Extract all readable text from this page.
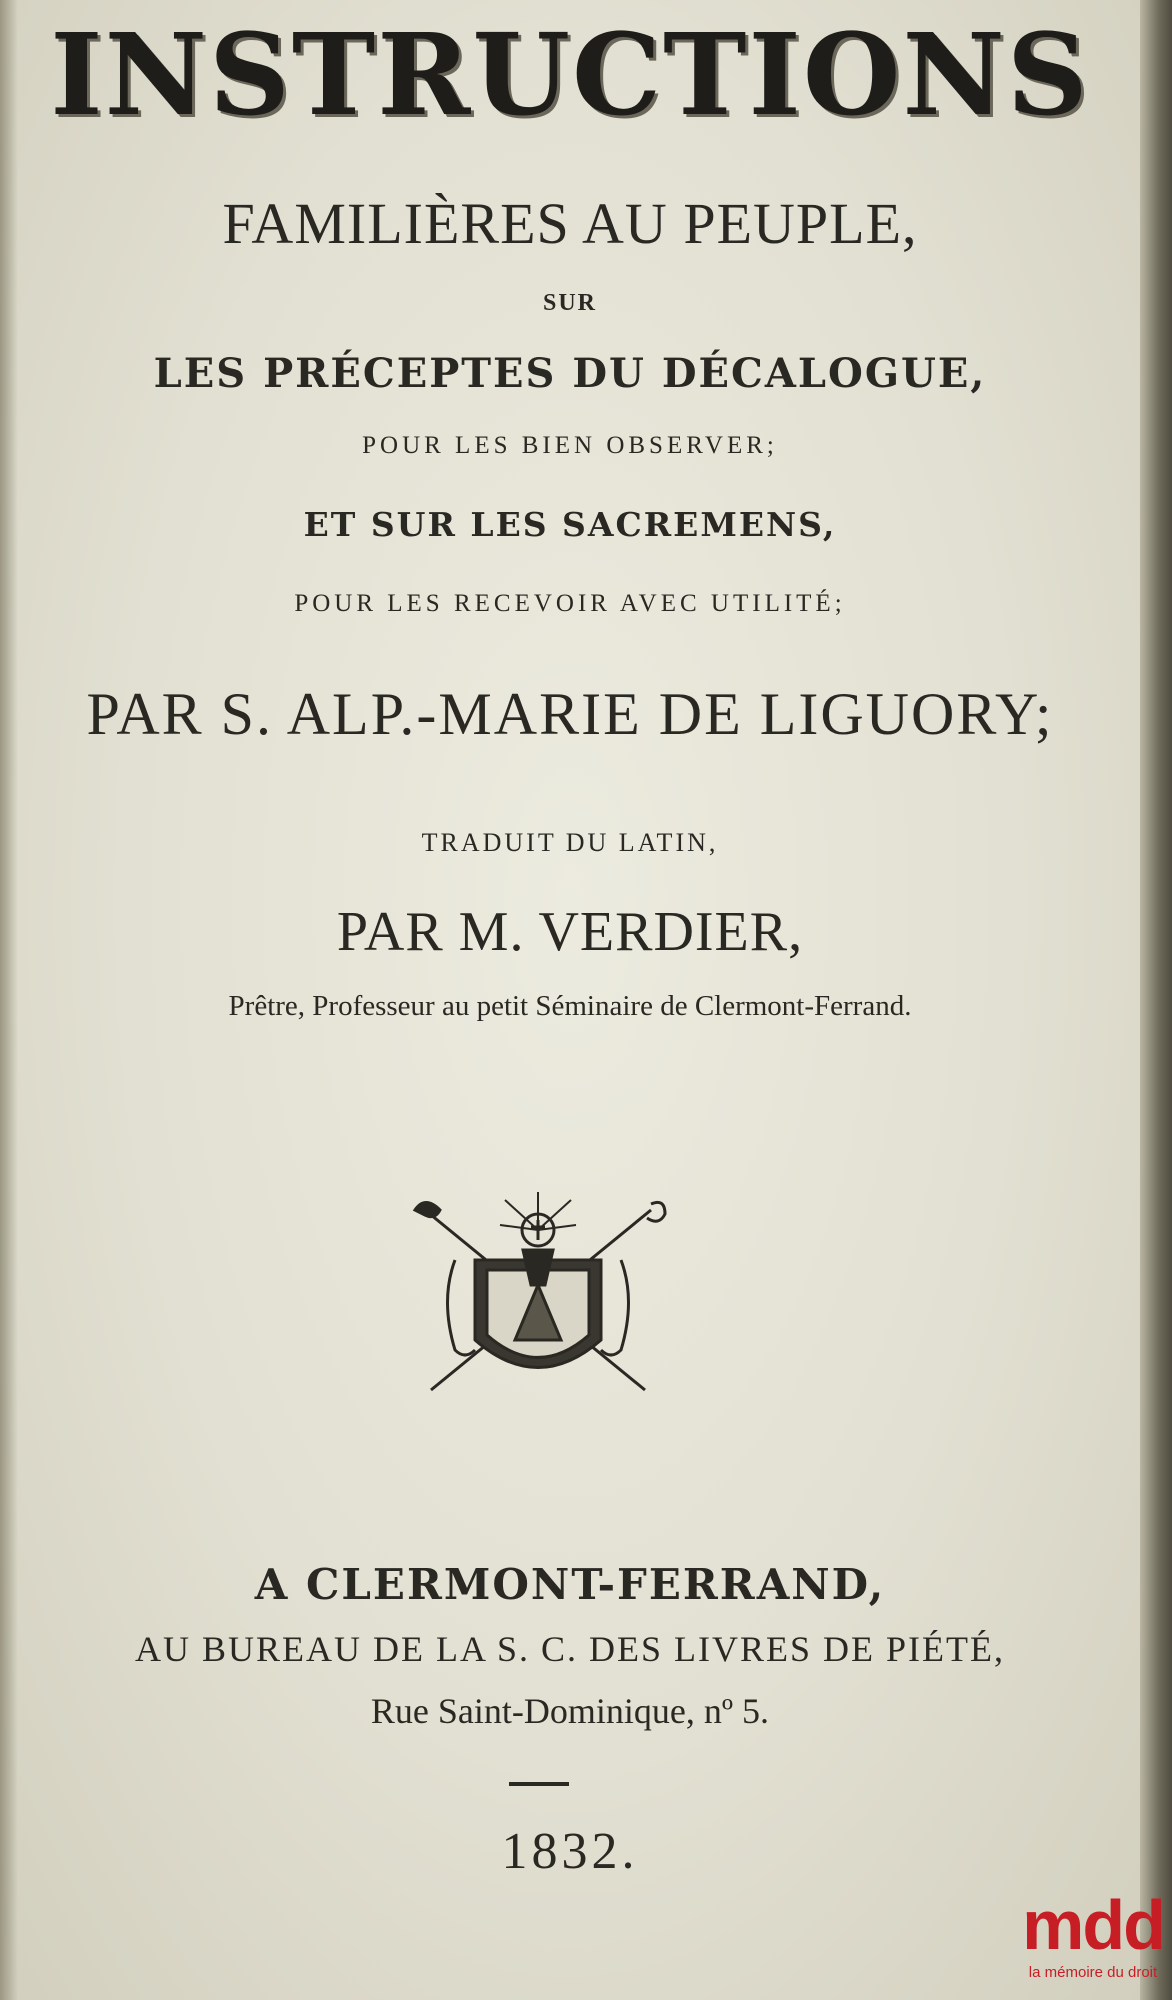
INSTRUCTIONS
FAMILIÈRES AU PEUPLE,
SUR
LES PRÉCEPTES DU DÉCALOGUE,
POUR LES BIEN OBSERVER;
ET SUR LES SACREMENS,
POUR LES RECEVOIR AVEC UTILITÉ;
PAR S. ALP.-MARIE DE LIGUORY;
TRADUIT DU LATIN,
PAR M. VERDIER,
Prêtre, Professeur au petit Séminaire de Clermont-Ferrand.
A CLERMONT-FERRAND,
AU BUREAU DE LA S. C. DES LIVRES DE PIÉTÉ,
Rue Saint-Dominique, nº 5.
1832.
mdd
la mémoire du droit
